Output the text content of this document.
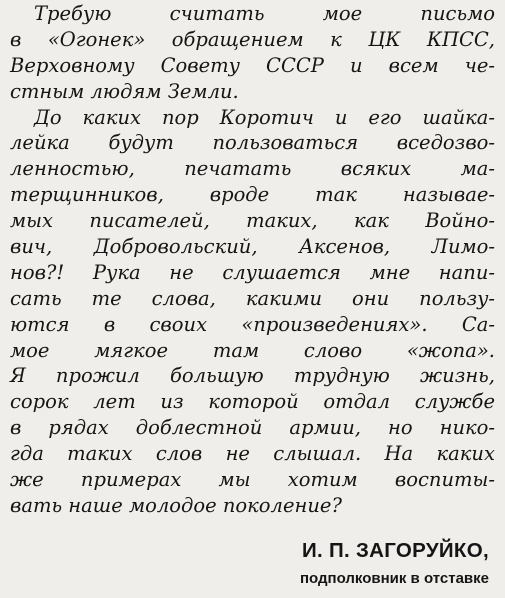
Требую считать мое письмо
в «Огонек» обращением к ЦК КПСС,
Верховному Совету СССР и всем че-
стным людям Земли.
До каких пор Коротич и его шайка-
лейка будут пользоваться вседозво-
ленностью, печатать всяких ма-
терщинников, вроде так называе-
мых писателей, таких, как Войно-
вич, Добровольский, Аксенов, Лимо-
нов?! Рука не слушается мне напи-
сать те слова, какими они пользу-
ются в своих «произведениях». Са-
мое мягкое там слово «жопа».
Я прожил большую трудную жизнь,
сорок лет из которой отдал службе
в рядах доблестной армии, но нико-
гда таких слов не слышал. На каких
же примерах мы хотим воспиты-
вать наше молодое поколение?
И. П. ЗАГОРУЙКО,
подполковник в отставке
